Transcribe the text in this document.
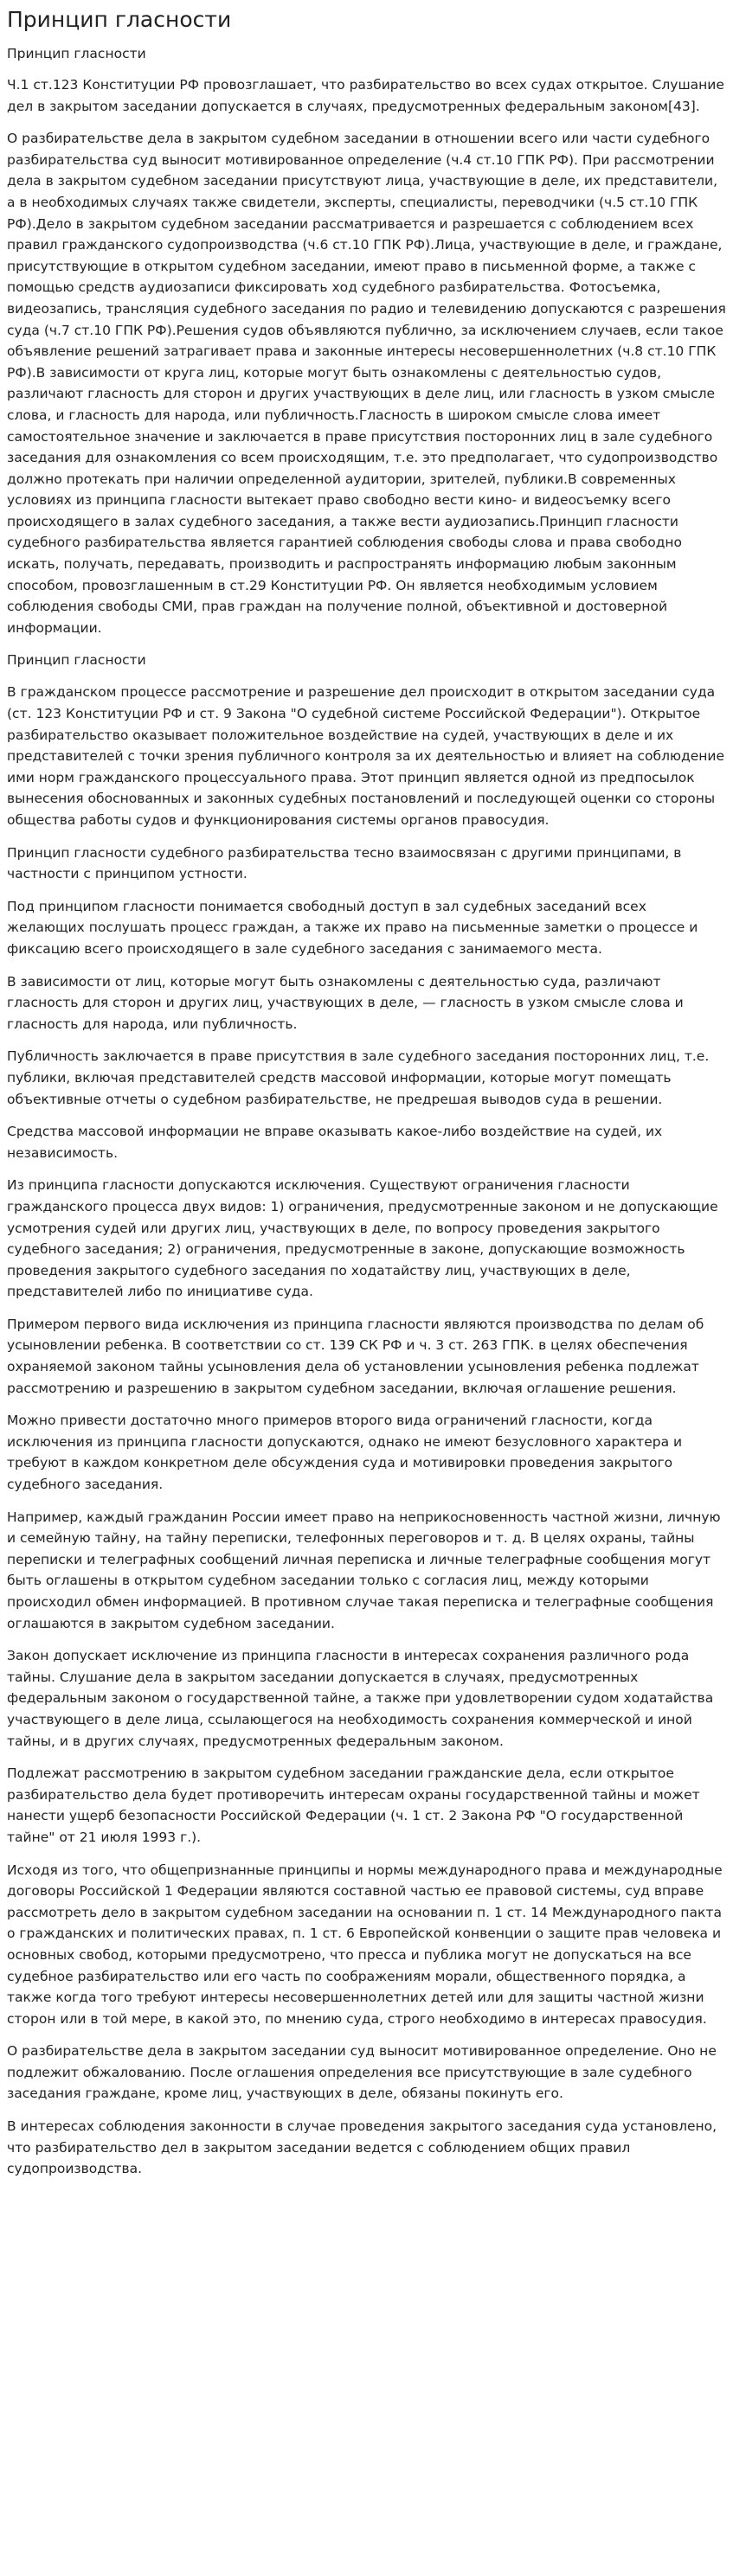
Принцип гласности
Принцип гласности
Ч.1 ст.123 Конституции РФ провозглашает, что разбирательство во всех судах открытое. Слушание дел в закрытом заседании допускается в случаях, предусмотренных федеральным законом[43].
О разбирательстве дела в закрытом судебном заседании в отношении всего или части судебного разбирательства суд выносит мотивированное определение (ч.4 ст.10 ГПК РФ). При рассмотрении дела в закрытом судебном заседании присутствуют лица, участвующие в деле, их представители, а в необходимых случаях также свидетели, эксперты, специалисты, переводчики (ч.5 ст.10 ГПК РФ).Дело в закрытом судебном заседании рассматривается и разрешается с соблюдением всех правил гражданского судопроизводства (ч.6 ст.10 ГПК РФ).Лица, участвующие в деле, и граждане, присутствующие в открытом судебном заседании, имеют право в письменной форме, а также с помощью средств аудиозаписи фиксировать ход судебного разбирательства. Фотосъемка, видеозапись, трансляция судебного заседания по радио и телевидению допускаются с разрешения суда (ч.7 ст.10 ГПК РФ).Решения судов объявляются публично, за исключением случаев, если такое объявление решений затрагивает права и законные интересы несовершеннолетних (ч.8 ст.10 ГПК РФ).В зависимости от круга лиц, которые могут быть ознакомлены с деятельностью судов, различают гласность для сторон и других участвующих в деле лиц, или гласность в узком смысле слова, и гласность для народа, или публичность.Гласность в широком смысле слова имеет самостоятельное значение и заключается в праве присутствия посторонних лиц в зале судебного заседания для ознакомления со всем происходящим, т.е. это предполагает, что судопроизводство должно протекать при наличии определенной аудитории, зрителей, публики.В современных условиях из принципа гласности вытекает право свободно вести кино- и видеосъемку всего происходящего в залах судебного заседания, а также вести аудиозапись.Принцип гласности судебного разбирательства является гарантией соблюдения свободы слова и права свободно искать, получать, передавать, производить и распространять информацию любым законным способом, провозглашенным в ст.29 Конституции РФ. Он является необходимым условием соблюдения свободы СМИ, прав граждан на получение полной, объективной и достоверной информации.
Принцип гласности
В гражданском процессе рассмотрение и разрешение дел происходит в открытом заседании суда (ст. 123 Конституции РФ и ст. 9 Закона "О судебной системе Российской Федерации"). Открытое разбирательство оказывает положительное воздействие на судей, участвующих в деле и их представителей с точки зрения публичного контроля за их деятельностью и влияет на соблюдение ими норм гражданского процессуального права. Этот принцип является одной из предпосылок вынесения обоснованных и законных судебных постановлений и последующей оценки со стороны общества работы судов и функционирования системы органов правосудия.
Принцип гласности судебного разбирательства тесно взаимосвязан с другими принципами, в частности с принципом устности.
Под принципом гласности понимается свободный доступ в зал судебных заседаний всех желающих послушать процесс граждан, а также их право на письменные заметки о процессе и фиксацию всего происходящего в зале судебного заседания с занимаемого места.
В зависимости от лиц, которые могут быть ознакомлены с деятельностью суда, различают гласность для сторон и других лиц, участвующих в деле, — гласность в узком смысле слова и гласность для народа, или публичность.
Публичность заключается в праве присутствия в зале судебного заседания посторонних лиц, т.е. публики, включая представителей средств массовой информации, которые могут помещать объективные отчеты о судебном разбирательстве, не предрешая выводов суда в решении.
Средства массовой информации не вправе оказывать какое-либо воздействие на судей, их независимость.
Из принципа гласности допускаются исключения. Существуют ограничения гласности гражданского процесса двух видов: 1) ограничения, предусмотренные законом и не допускающие усмотрения судей или других лиц, участвующих в деле, по вопросу проведения закрытого судебного заседания; 2) ограничения, предусмотренные в законе, допускающие возможность проведения закрытого судебного заседания по ходатайству лиц, участвующих в деле, представителей либо по инициативе суда.
Примером первого вида исключения из принципа гласности являются производства по делам об усыновлении ребенка. В соответствии со ст. 139 СК РФ и ч. 3 ст. 263 ГПК. в целях обеспечения охраняемой законом тайны усыновления дела об установлении усыновления ребенка подлежат рассмотрению и разрешению в закрытом судебном заседании, включая оглашение решения.
Можно привести достаточно много примеров второго вида ограничений гласности, когда исключения из принципа гласности допускаются, однако не имеют безусловного характера и требуют в каждом конкретном деле обсуждения суда и мотивировки проведения закрытого судебного заседания.
Например, каждый гражданин России имеет право на неприкосновенность частной жизни, личную и семейную тайну, на тайну переписки, телефонных переговоров и т. д. В целях охраны, тайны переписки и телеграфных сообщений личная переписка и личные телеграфные сообщения могут быть оглашены в открытом судебном заседании только с согласия лиц, между которыми происходил обмен информацией. В противном случае такая переписка и телеграфные сообщения оглашаются в закрытом судебном заседании.
Закон допускает исключение из принципа гласности в интересах сохранения различного рода тайны. Слушание дела в закрытом заседании допускается в случаях, предусмотренных федеральным законом о государственной тайне, а также при удовлетворении судом ходатайства участвующего в деле лица, ссылающегося на необходимость сохранения коммерческой и иной тайны, и в других случаях, предусмотренных федеральным законом.
Подлежат рассмотрению в закрытом судебном заседании гражданские дела, если открытое разбирательство дела будет противоречить интересам охраны государственной тайны и может нанести ущерб безопасности Российской Федерации (ч. 1 ст. 2 Закона РФ "О государственной тайне" от 21 июля 1993 г.).
Исходя из того, что общепризнанные принципы и нормы международного права и международные договоры Российской 1 Федерации являются составной частью ее правовой системы, суд вправе рассмотреть дело в закрытом судебном заседании на основании п. 1 ст. 14 Международного пакта о гражданских и политических правах, п. 1 ст. 6 Европейской конвенции о защите прав человека и основных свобод, которыми предусмотрено, что пресса и публика могут не допускаться на все судебное разбирательство или его часть по соображениям морали, общественного порядка, а также когда того требуют интересы несовершеннолетних детей или для защиты частной жизни сторон или в той мере, в какой это, по мнению суда, строго необходимо в интересах правосудия.
О разбирательстве дела в закрытом заседании суд выносит мотивированное определение. Оно не подлежит обжалованию. После оглашения определения все присутствующие в зале судебного заседания граждане, кроме лиц, участвующих в деле, обязаны покинуть его.
В интересах соблюдения законности в случае проведения закрытого заседания суда установлено, что разбирательство дел в закрытом заседании ведется с соблюдением общих правил судопроизводства.
